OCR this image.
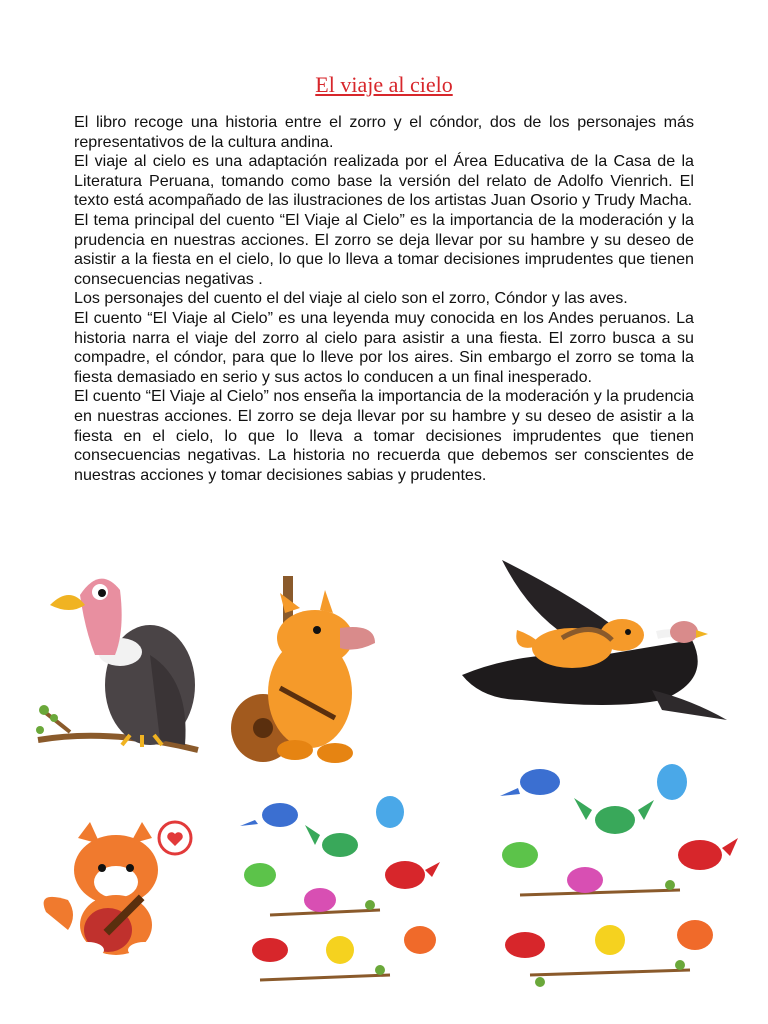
El viaje al cielo

El libro recoge una historia entre el zorro y el cóndor, dos de los personajes más representativos de la cultura andina.

El viaje al cielo es una adaptación realizada por el Área Educativa de la Casa de la Literatura Peruana, tomando como base la versión del relato de Adolfo Vienrich. El texto está acompañado de las ilustraciones de los artistas Juan Osorio y Trudy Macha.

El tema principal del cuento “El Viaje al Cielo” es la importancia de la moderación y la prudencia en nuestras acciones. El zorro se deja llevar por su hambre y su deseo de asistir a la fiesta en el cielo, lo que lo lleva a tomar decisiones imprudentes que tienen consecuencias negativas .

Los personajes del cuento el del viaje al cielo son el zorro, Cóndor y las aves.

El cuento “El Viaje al Cielo” es una leyenda muy conocida en los Andes peruanos. La historia narra el viaje del zorro al cielo para asistir a una fiesta. El zorro busca a su compadre, el cóndor, para que lo lleve por los aires. Sin embargo el zorro se toma la fiesta demasiado en serio y sus actos lo conducen a un final inesperado.

El cuento “El Viaje al Cielo” nos enseña la importancia de la moderación y la prudencia en nuestras acciones. El zorro se deja llevar por su hambre y su deseo de asistir a la fiesta en el cielo, lo que lo lleva a tomar decisiones imprudentes que tienen consecuencias negativas. La historia no recuerda que debemos ser conscientes de nuestras acciones y tomar decisiones sabias y prudentes.
